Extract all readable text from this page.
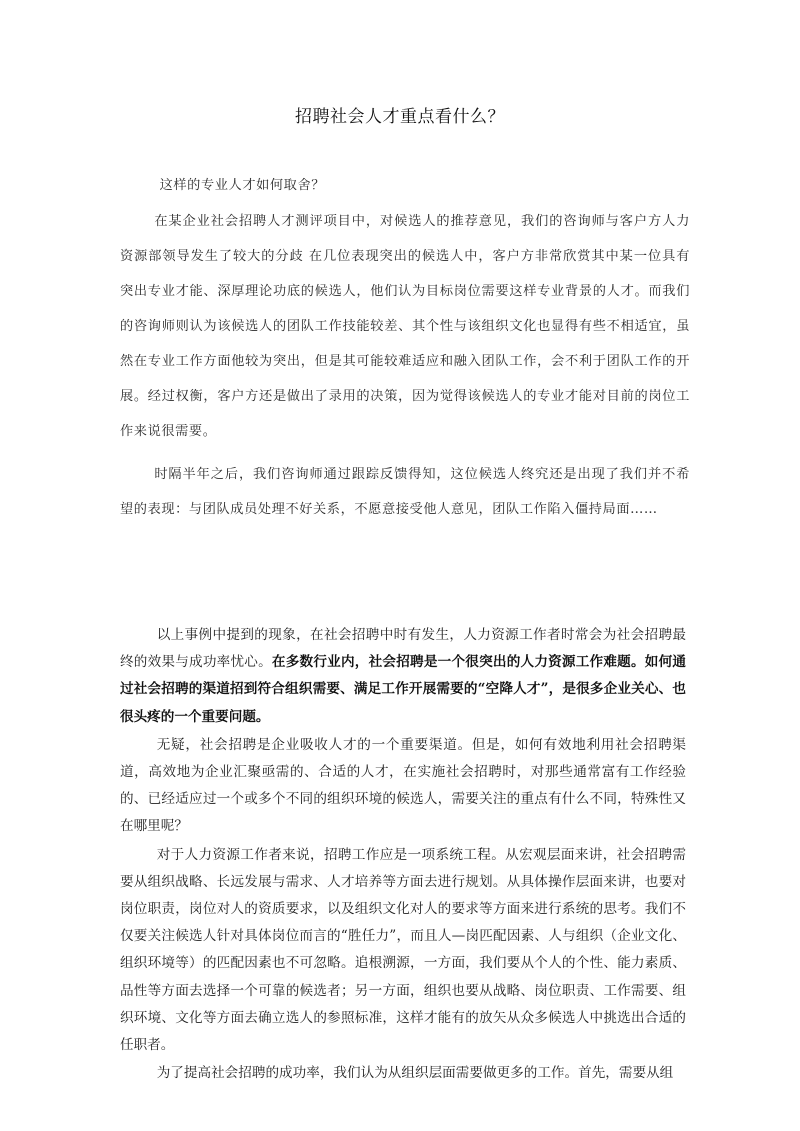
招聘社会人才重点看什么？

这样的专业人才如何取舍？

在某企业社会招聘人才测评项目中，对候选人的推荐意见，我们的咨询师与客户方人力资源部领导发生了较大的分歧 在几位表现突出的候选人中，客户方非常欣赏其中某一位具有突出专业才能、深厚理论功底的候选人，他们认为目标岗位需要这样专业背景的人才。而我们的咨询师则认为该候选人的团队工作技能较差、其个性与该组织文化也显得有些不相适宜，虽然在专业工作方面他较为突出，但是其可能较难适应和融入团队工作，会不利于团队工作的开展。经过权衡，客户方还是做出了录用的决策，因为觉得该候选人的专业才能对目前的岗位工作来说很需要。

时隔半年之后，我们咨询师通过跟踪反馈得知，这位候选人终究还是出现了我们并不希望的表现：与团队成员处理不好关系，不愿意接受他人意见，团队工作陷入僵持局面……

以上事例中提到的现象，在社会招聘中时有发生，人力资源工作者时常会为社会招聘最终的效果与成功率忧心。在多数行业内，社会招聘是一个很突出的人力资源工作难题。如何通过社会招聘的渠道招到符合组织需要、满足工作开展需要的“空降人才”，是很多企业关心、也很头疼的一个重要问题。

无疑，社会招聘是企业吸收人才的一个重要渠道。但是，如何有效地利用社会招聘渠道，高效地为企业汇聚亟需的、合适的人才，在实施社会招聘时，对那些通常富有工作经验的、已经适应过一个或多个不同的组织环境的候选人，需要关注的重点有什么不同，特殊性又在哪里呢？

对于人力资源工作者来说，招聘工作应是一项系统工程。从宏观层面来讲，社会招聘需要从组织战略、长远发展与需求、人才培养等方面去进行规划。从具体操作层面来讲，也要对岗位职责，岗位对人的资质要求，以及组织文化对人的要求等方面来进行系统的思考。我们不仅要关注候选人针对具体岗位而言的“胜任力”，而且人—岗匹配因素、人与组织（企业文化、组织环境等）的匹配因素也不可忽略。追根溯源，一方面，我们要从个人的个性、能力素质、品性等方面去选择一个可靠的候选者；另一方面，组织也要从战略、岗位职责、工作需要、组织环境、文化等方面去确立选人的参照标准，这样才能有的放矢从众多候选人中挑选出合适的任职者。

为了提高社会招聘的成功率，我们认为从组织层面需要做更多的工作。首先，需要从组
